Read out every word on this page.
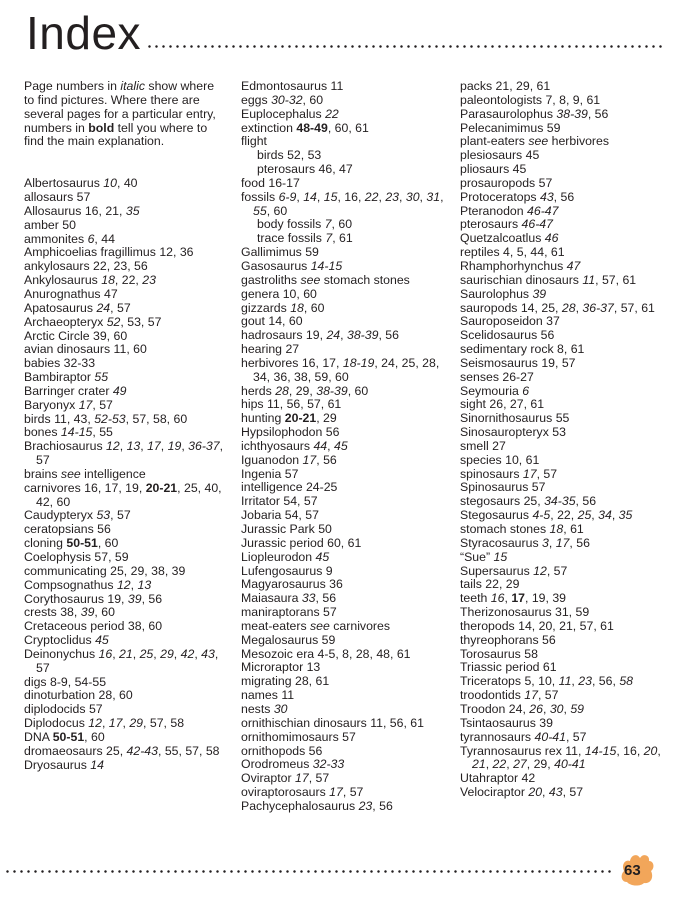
Index
Page numbers in italic show where to find pictures. Where there are several pages for a particular entry, numbers in bold tell you where to find the main explanation.
Albertosaurus 10, 40
allosaurs 57
Allosaurus 16, 21, 35
amber 50
ammonites 6, 44
Amphicoelias fragillimus 12, 36
ankylosaurs 22, 23, 56
Ankylosaurus 18, 22, 23
Anurognathus 47
Apatosaurus 24, 57
Archaeopteryx 52, 53, 57
Arctic Circle 39, 60
avian dinosaurs 11, 60
babies 32-33
Bambiraptor 55
Barringer crater 49
Baryonyx 17, 57
birds 11, 43, 52-53, 57, 58, 60
bones 14-15, 55
Brachiosaurus 12, 13, 17, 19, 36-37, 57
brains see intelligence
carnivores 16, 17, 19, 20-21, 25, 40, 42, 60
Caudypteryx 53, 57
ceratopsians 56
cloning 50-51, 60
Coelophysis 57, 59
communicating 25, 29, 38, 39
Compsognathus 12, 13
Corythosaurus 19, 39, 56
crests 38, 39, 60
Cretaceous period 38, 60
Cryptoclidus 45
Deinonychus 16, 21, 25, 29, 42, 43, 57
digs 8-9, 54-55
dinoturbation 28, 60
diplodocids 57
Diplodocus 12, 17, 29, 57, 58
DNA 50-51, 60
dromaeosaurs 25, 42-43, 55, 57, 58
Dryosaurus 14
Edmontosaurus 11
eggs 30-32, 60
Euplocephalus 22
extinction 48-49, 60, 61
flight
birds 52, 53
pterosaurs 46, 47
food 16-17
fossils 6-9, 14, 15, 16, 22, 23, 30, 31, 55, 60
body fossils 7, 60
trace fossils 7, 61
Gallimimus 59
Gasosaurus 14-15
gastroliths see stomach stones
genera 10, 60
gizzards 18, 60
gout 14, 60
hadrosaurs 19, 24, 38-39, 56
hearing 27
herbivores 16, 17, 18-19, 24, 25, 28, 34, 36, 38, 59, 60
herds 28, 29, 38-39, 60
hips 11, 56, 57, 61
hunting 20-21, 29
Hypsilophodon 56
ichthyosaurs 44, 45
Iguanodon 17, 56
Ingenia 57
intelligence 24-25
Irritator 54, 57
Jobaria 54, 57
Jurassic Park 50
Jurassic period 60, 61
Liopleurodon 45
Lufengosaurus 9
Magyarosaurus 36
Maiasaura 33, 56
maniraptorans 57
meat-eaters see carnivores
Megalosaurus 59
Mesozoic era 4-5, 8, 28, 48, 61
Microraptor 13
migrating 28, 61
names 11
nests 30
ornithischian dinosaurs 11, 56, 61
ornithomimosaurs 57
ornithopods 56
Orodromeus 32-33
Oviraptor 17, 57
oviraptorosaurs 17, 57
Pachycephalosaurus 23, 56
packs 21, 29, 61
paleontologists 7, 8, 9, 61
Parasaurolophus 38-39, 56
Pelecanimimus 59
plant-eaters see herbivores
plesiosaurs 45
pliosaurs 45
prosauropods 57
Protoceratops 43, 56
Pteranodon 46-47
pterosaurs 46-47
Quetzalcoatlus 46
reptiles 4, 5, 44, 61
Rhamphorhynchus 47
saurischian dinosaurs 11, 57, 61
Saurolophus 39
sauropods 14, 25, 28, 36-37, 57, 61
Sauroposeidon 37
Scelidosaurus 56
sedimentary rock 8, 61
Seismosaurus 19, 57
senses 26-27
Seymouria 6
sight 26, 27, 61
Sinornithosaurus 55
Sinosauropteryx 53
smell 27
species 10, 61
spinosaurs 17, 57
Spinosaurus 57
stegosaurs 25, 34-35, 56
Stegosaurus 4-5, 22, 25, 34, 35
stomach stones 18, 61
Styracosaurus 3, 17, 56
“Sue” 15
Supersaurus 12, 57
tails 22, 29
teeth 16, 17, 19, 39
Therizonosaurus 31, 59
theropods 14, 20, 21, 57, 61
thyreophorans 56
Torosaurus 58
Triassic period 61
Triceratops 5, 10, 11, 23, 56, 58
troodontids 17, 57
Troodon 24, 26, 30, 59
Tsintaosaurus 39
tyrannosaurs 40-41, 57
Tyrannosaurus rex 11, 14-15, 16, 20, 21, 22, 27, 29, 40-41
Utahraptor 42
Velociraptor 20, 43, 57
63
